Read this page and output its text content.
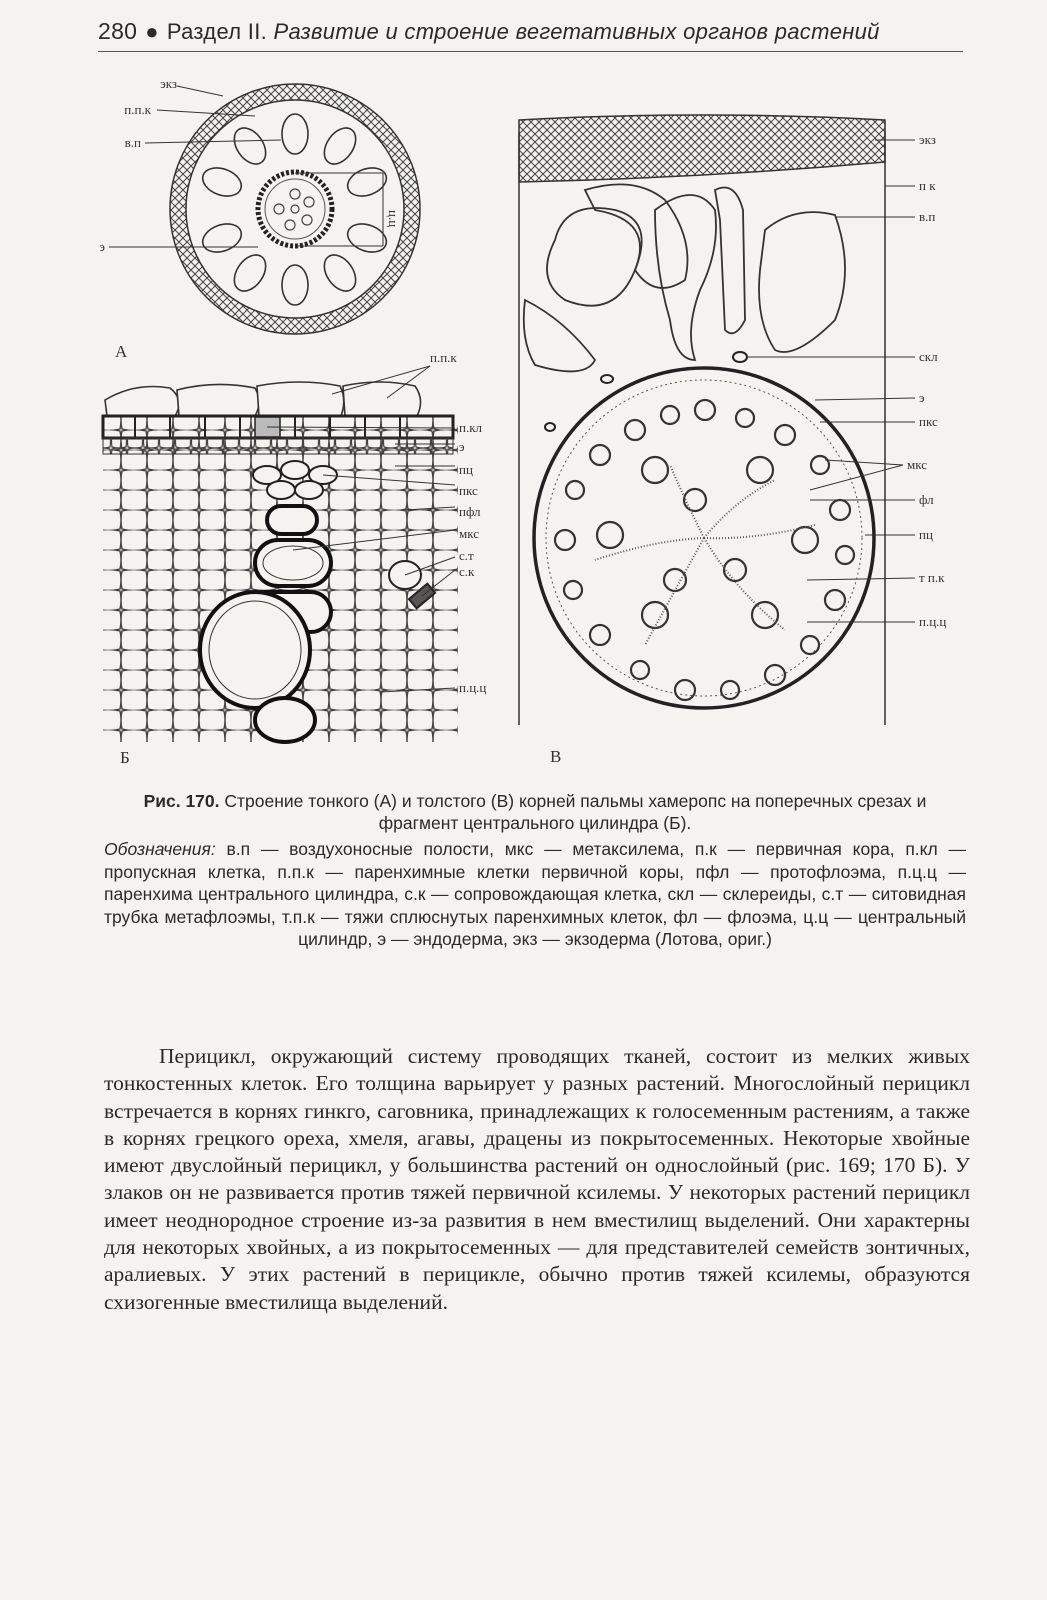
280 ● Раздел II. Развитие и строение вегетативных органов растений
экз
п.п.к
в.п
э
ц.ц
А	п.п.к
п.кл
э
пц
пкс
пфл
мкс
с.т
с.к
п.ц.ц
Б
экз
п к
в.п
скл
э
пкс
мкс
фл
пц
т п.к
п.ц.ц
В
Рис. 170. Строение тонкого (А) и толстого (В) корней пальмы хамеропс на поперечных срезах и фрагмент центрального цилиндра (Б).
Обозначения: в.п — воздухоносные полости, мкс — метаксилема, п.к — первичная кора, п.кл — пропускная клетка, п.п.к — паренхимные клетки первичной коры, пфл — протофлоэма, п.ц.ц — паренхима центрального цилиндра, с.к — сопровождающая клетка, скл — склереиды, с.т — ситовидная трубка метафлоэмы, т.п.к — тяжи сплюснутых паренхимных клеток, фл — флоэма, ц.ц — центральный цилиндр, э — эндодерма, экз — экзодерма (Лотова, ориг.)

Перицикл, окружающий систему проводящих тканей, состоит из мелких живых тонкостенных клеток. Его толщина варьирует у разных растений. Многослойный перицикл встречается в корнях гинкго, саговника, принадлежащих к голосеменным растениям, а также в корнях грецкого ореха, хмеля, агавы, драцены из покрытосеменных. Некоторые хвойные имеют двуслойный перицикл, у большинства растений он однослойный (рис. 169; 170 Б). У злаков он не развивается против тяжей первичной ксилемы. У некоторых растений перицикл имеет неоднородное строение из-за развития в нем вместилищ выделений. Они характерны для некоторых хвойных, а из покрытосеменных — для представителей семейств зонтичных, аралиевых. У этих растений в перицикле, обычно против тяжей ксилемы, образуются схизогенные вместилища выделений.
